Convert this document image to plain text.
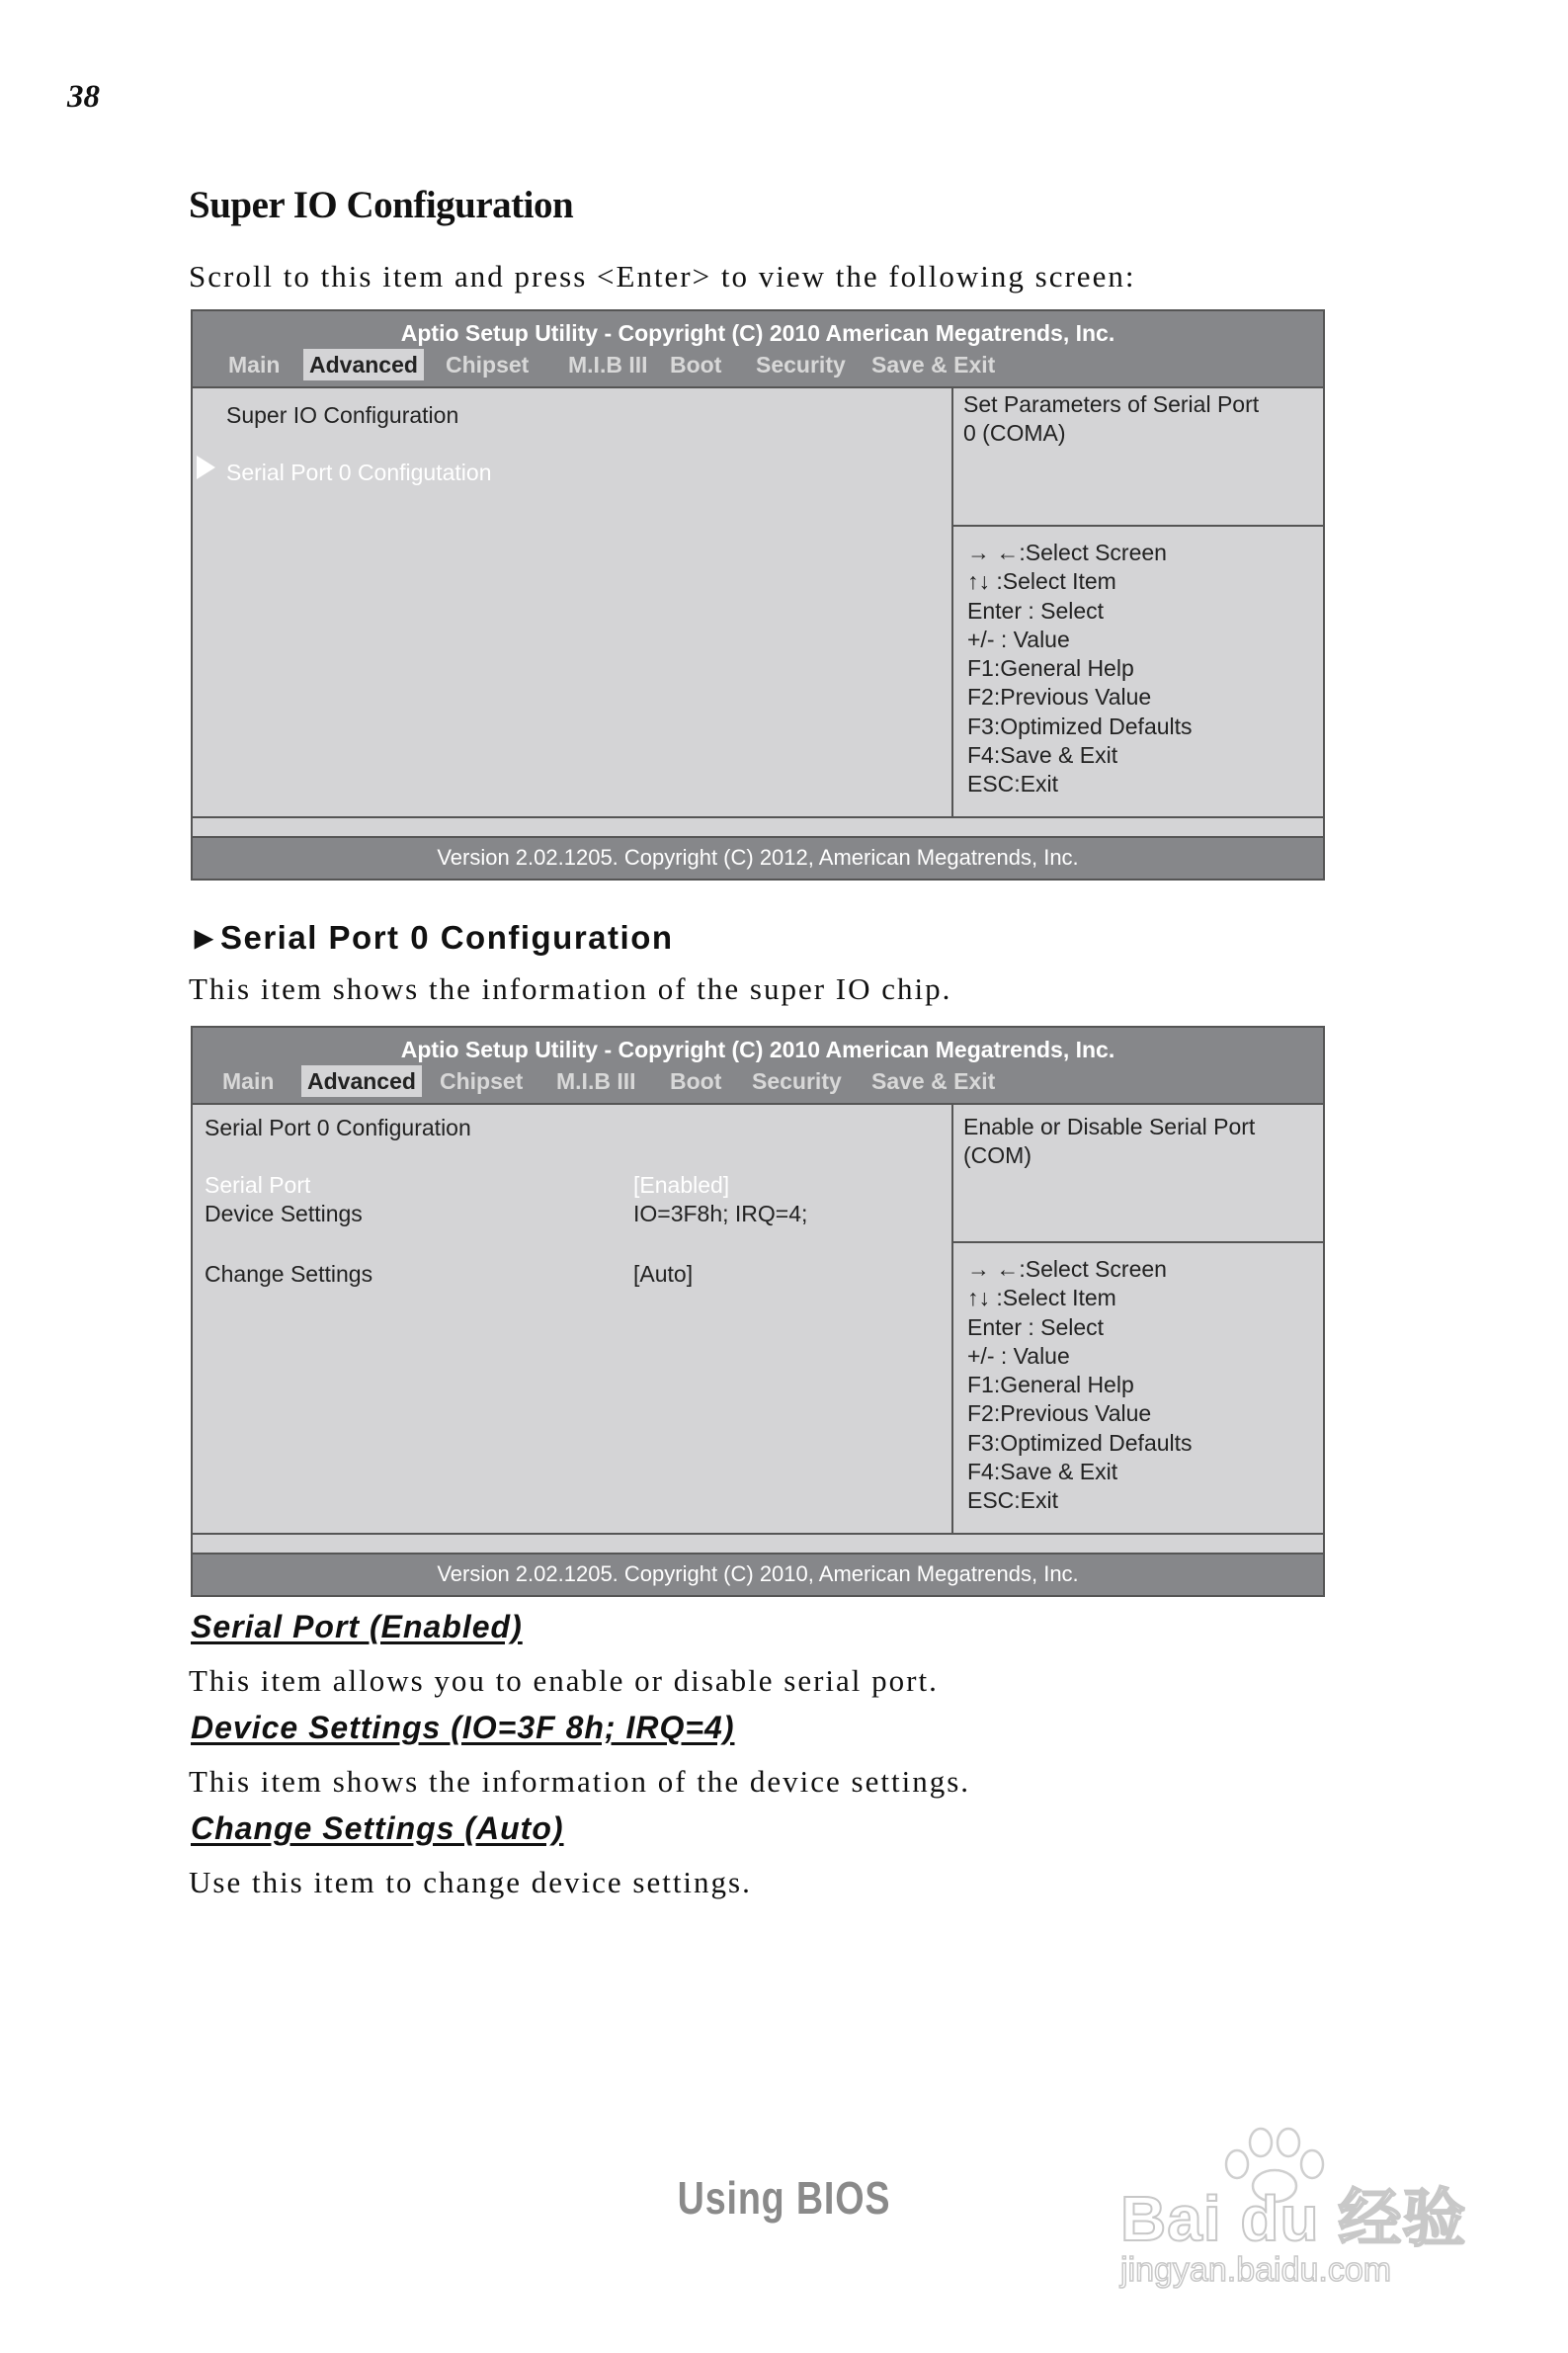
38
Super IO Configuration
Scroll to this item and press <Enter> to view the following screen:
Aptio Setup Utility - Copyright (C) 2010 American Megatrends, Inc.
Main Advanced Chipset M.I.B III Boot Security Save & Exit
Super IO Configuration
Serial Port 0 Configutation
Set Parameters of Serial Port
0 (COMA)
→ ←:Select Screen
↑↓ :Select Item
Enter : Select
+/- : Value
F1:General Help
F2:Previous Value
F3:Optimized Defaults
F4:Save & Exit
ESC:Exit
Version 2.02.1205. Copyright (C) 2012, American Megatrends, Inc.
▶ Serial Port 0 Configuration
This item shows the information of the super IO chip.
Aptio Setup Utility - Copyright (C) 2010 American Megatrends, Inc.
Main Advanced Chipset M.I.B III Boot Security Save & Exit
Serial Port 0 Configuration
Serial Port	[Enabled]
Device Settings	IO=3F8h; IRQ=4;
Change Settings	[Auto]
Enable or Disable Serial Port
(COM)
→ ←:Select Screen
↑↓ :Select Item
Enter : Select
+/- : Value
F1:General Help
F2:Previous Value
F3:Optimized Defaults
F4:Save & Exit
ESC:Exit
Version 2.02.1205. Copyright (C) 2010, American Megatrends, Inc.
Serial Port (Enabled)
This item allows you to enable or disable serial port.
Device Settings (IO=3F 8h; IRQ=4)
This item shows the information of the device settings.
Change Settings (Auto)
Use this item to change device settings.
Using BIOS	Bai du 经验
jingyan.baidu.com
